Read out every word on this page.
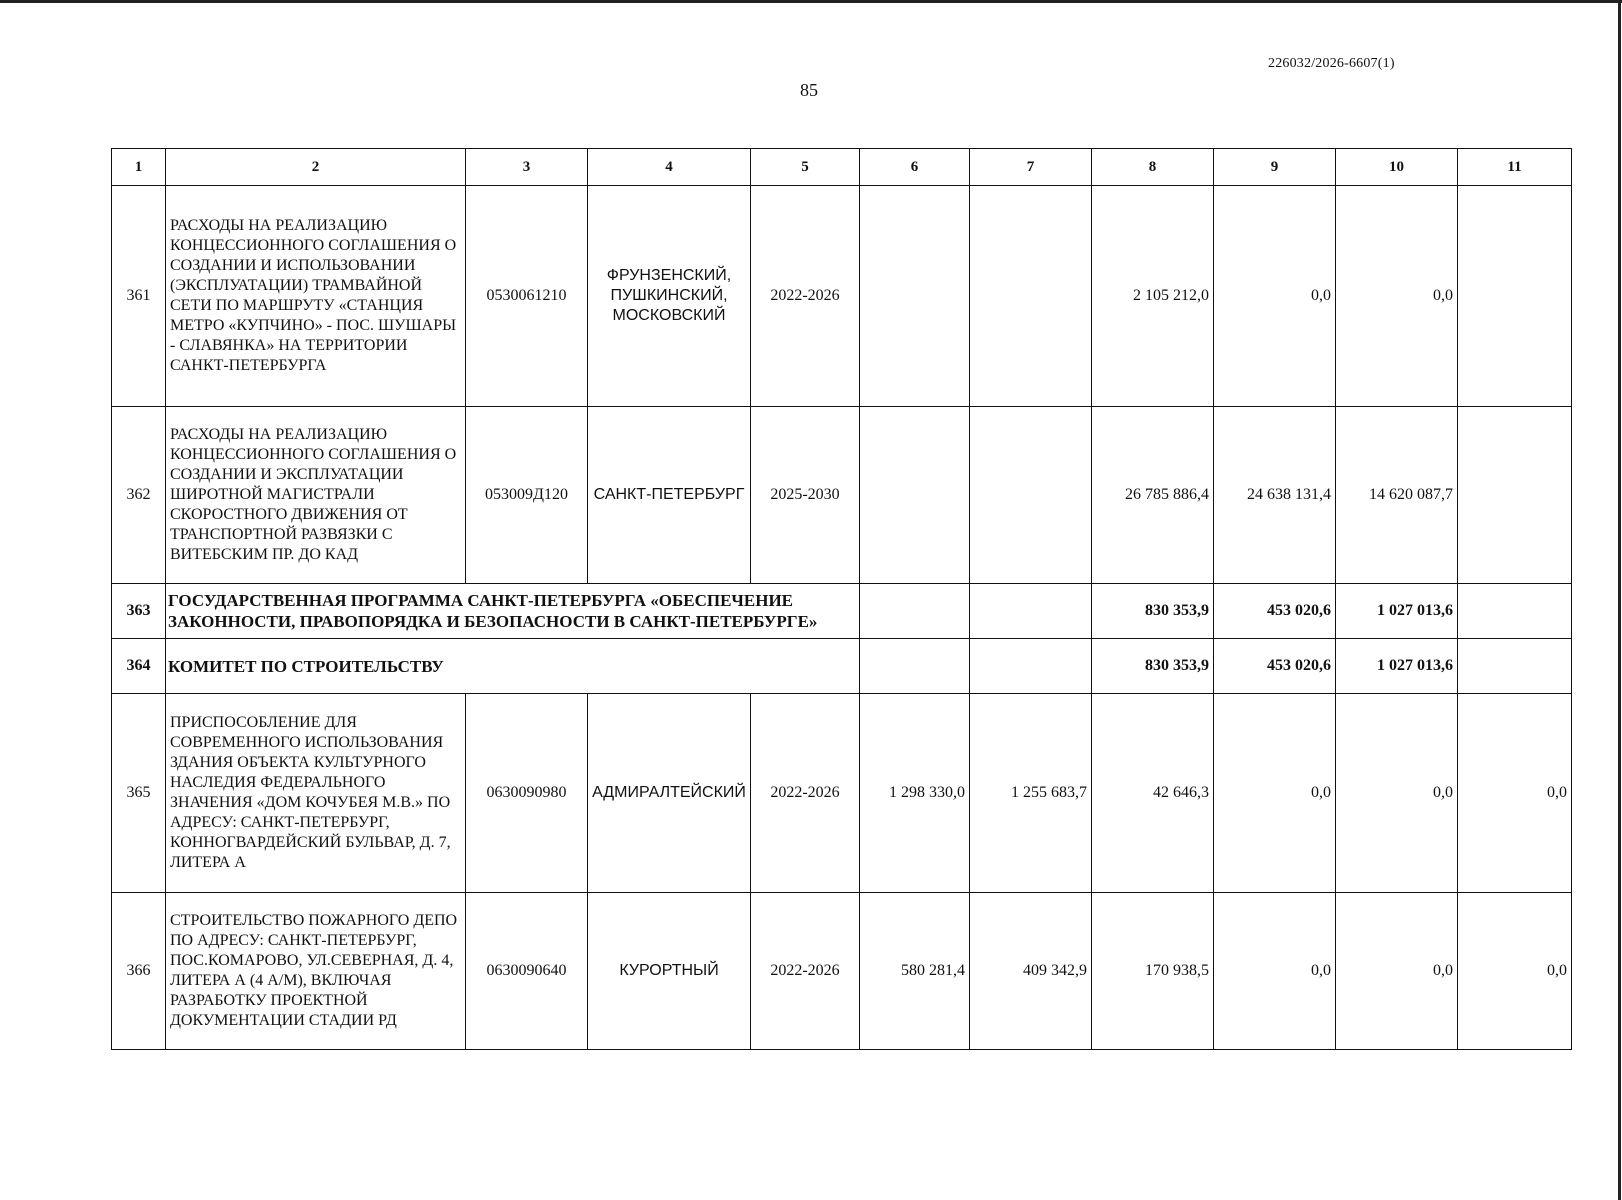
226032/2026-6607(1)
85
1	2	3	4	5	6	7	8	9	10	11
361	РАСХОДЫ НА РЕАЛИЗАЦИЮ КОНЦЕССИОННОГО СОГЛАШЕНИЯ О СОЗДАНИИ И ИСПОЛЬЗОВАНИИ (ЭКСПЛУАТАЦИИ) ТРАМВАЙНОЙ СЕТИ ПО МАРШРУТУ «СТАНЦИЯ МЕТРО «КУПЧИНО» - ПОС. ШУШАРЫ - СЛАВЯНКА» НА ТЕРРИТОРИИ САНКТ-ПЕТЕРБУРГА	0530061210	ФРУНЗЕНСКИЙ, ПУШКИНСКИЙ, МОСКОВСКИЙ	2022-2026			2 105 212,0	0,0	0,0	
362	РАСХОДЫ НА РЕАЛИЗАЦИЮ КОНЦЕССИОННОГО СОГЛАШЕНИЯ О СОЗДАНИИ И ЭКСПЛУАТАЦИИ ШИРОТНОЙ МАГИСТРАЛИ СКОРОСТНОГО ДВИЖЕНИЯ ОТ ТРАНСПОРТНОЙ РАЗВЯЗКИ С ВИТЕБСКИМ ПР. ДО КАД	053009Д120	САНКТ-ПЕТЕРБУРГ	2025-2030			26 785 886,4	24 638 131,4	14 620 087,7	
363	ГОСУДАРСТВЕННАЯ ПРОГРАММА САНКТ-ПЕТЕРБУРГА «ОБЕСПЕЧЕНИЕ ЗАКОННОСТИ, ПРАВОПОРЯДКА И БЕЗОПАСНОСТИ В САНКТ-ПЕТЕРБУРГЕ»						830 353,9	453 020,6	1 027 013,6	
364	КОМИТЕТ ПО СТРОИТЕЛЬСТВУ						830 353,9	453 020,6	1 027 013,6	
365	ПРИСПОСОБЛЕНИЕ ДЛЯ СОВРЕМЕННОГО ИСПОЛЬЗОВАНИЯ ЗДАНИЯ ОБЪЕКТА КУЛЬТУРНОГО НАСЛЕДИЯ ФЕДЕРАЛЬНОГО ЗНАЧЕНИЯ «ДОМ КОЧУБЕЯ М.В.» ПО АДРЕСУ: САНКТ-ПЕТЕРБУРГ, КОННОГВАРДЕЙСКИЙ БУЛЬВАР, Д. 7, ЛИТЕРА А	0630090980	АДМИРАЛТЕЙСКИЙ	2022-2026	1 298 330,0	1 255 683,7	42 646,3	0,0	0,0	0,0
366	СТРОИТЕЛЬСТВО ПОЖАРНОГО ДЕПО ПО АДРЕСУ: САНКТ-ПЕТЕРБУРГ, ПОС.КОМАРОВО, УЛ.СЕВЕРНАЯ, Д. 4, ЛИТЕРА А (4 А/М), ВКЛЮЧАЯ РАЗРАБОТКУ ПРОЕКТНОЙ ДОКУМЕНТАЦИИ СТАДИИ РД	0630090640	КУРОРТНЫЙ	2022-2026	580 281,4	409 342,9	170 938,5	0,0	0,0	0,0
